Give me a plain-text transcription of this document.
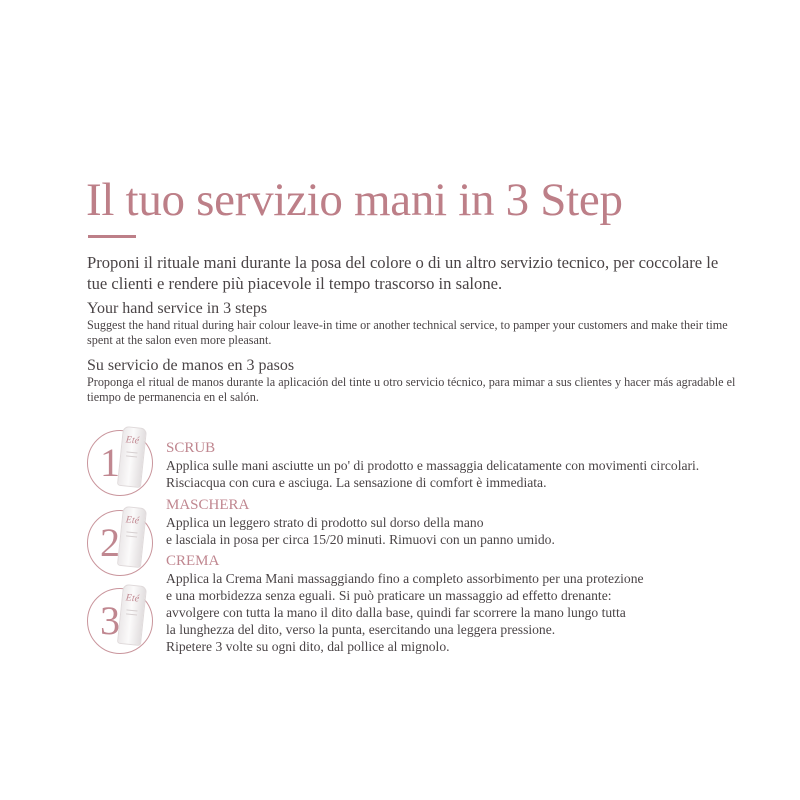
Il tuo servizio mani in 3 Step

Proponi il rituale mani durante la posa del colore o di un altro servizio tecnico, per coccolare le tue clienti e rendere più piacevole il tempo trascorso in salone.

Your hand service in 3 steps

Suggest the hand ritual during hair colour leave-in time or another technical service, to pamper your customers and make their time spent at the salon even more pleasant.

Su servicio de manos en 3 pasos

Proponga el ritual de manos durante la aplicación del tinte u otro servicio técnico, para mimar a sus clientes y hacer más agradable el tiempo de permanencia en el salón.

Eté
1	SCRUB

Applica sulle mani asciutte un po' di prodotto e massaggia delicatamente con movimenti circolari. Risciacqua con cura e asciuga. La sensazione di comfort è immediata.

Eté
2
MASCHERA

Applica un leggero strato di prodotto sul dorso della mano
e lasciala in posa per circa 15/20 minuti. Rimuovi con un panno umido.

Eté
3
CREMA

Applica la Crema Mani massaggiando fino a completo assorbimento per una protezione
e una morbidezza senza eguali. Si può praticare un massaggio ad effetto drenante:
avvolgere con tutta la mano il dito dalla base, quindi far scorrere la mano lungo tutta
la lunghezza del dito, verso la punta, esercitando una leggera pressione.
Ripetere 3 volte su ogni dito, dal pollice al mignolo.
